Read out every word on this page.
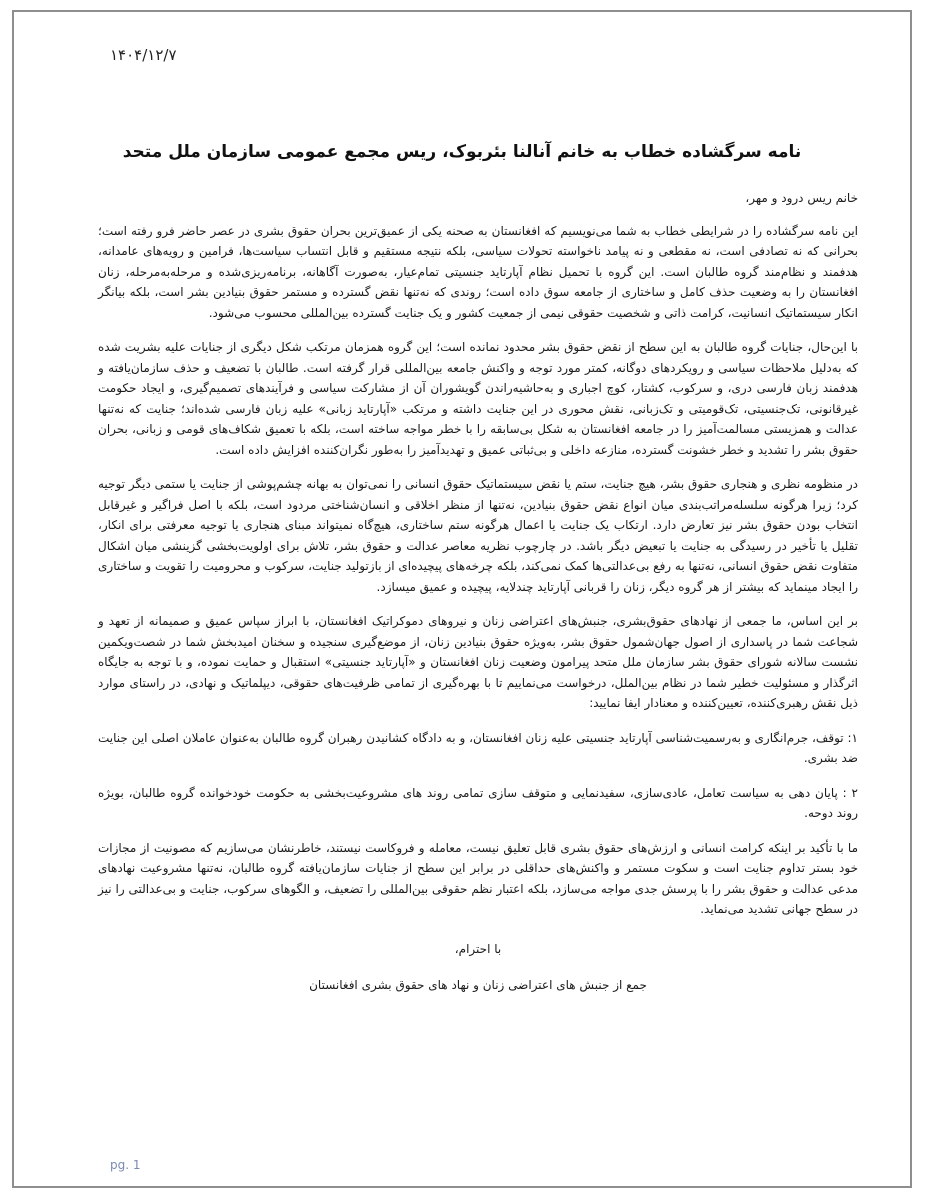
۱۴۰۴/۱۲/۷
نامه سرگشاده خطاب به خانم آنالنا بئربوک، ریس مجمع عمومی سازمان ملل متحد
خانم ریس درود و مهر،

این نامه سرگشاده را در شرایطی خطاب به شما می‌نویسیم که افغانستان به صحنه یکی از عمیق‌ترین بحران حقوق بشری در عصر حاضر فرو رفته است؛ بحرانی که نه تصادفی است، نه مقطعی و نه پیامد ناخواسته تحولات سیاسی، بلکه نتیجه مستقیم و قابل انتساب سیاست‌ها، فرامین و رویه‌های عامدانه، هدفمند و نظام‌مند گروه طالبان است. این گروه با تحمیل نظام آپارتاید جنسیتی تمام‌عیار، به‌صورت آگاهانه، برنامه‌ریزی‌شده و مرحله‌به‌مرحله، زنان افغانستان را به وضعیت حذف کامل و ساختاری از جامعه سوق داده است؛ روندی که نه‌تنها نقض گسترده و مستمر حقوق بنیادین بشر است، بلکه بیانگر انکار سیستماتیک انسانیت، کرامت ذاتی و شخصیت حقوقی نیمی از جمعیت کشور و یک جنایت گسترده بین‌المللی محسوب می‌شود.

با این‌حال، جنایات گروه طالبان به این سطح از نقض حقوق بشر محدود نمانده است؛ این گروه همزمان مرتکب شکل دیگری از جنایات علیه بشریت شده که به‌دلیل ملاحظات سیاسی و رویکردهای دوگانه، کمتر مورد توجه و واکنش جامعه بین‌المللی قرار گرفته است. طالبان با تضعیف و حذف سازمان‌یافته و هدفمند زبان فارسی دری، و سرکوب، کشتار، کوچ اجباری و به‌حاشیه‌راندن گویشوران آن از مشارکت سیاسی و فرآیندهای تصمیم‌گیری، و ایجاد حکومت غیرقانونی، تک‌جنسیتی، تک‌قومیتی و تک‌زبانی، نقش محوری در این جنایت داشته و مرتکب «آپارتاید زبانی» علیه زبان فارسی شده‌اند؛ جنایت که نه‌تنها عدالت و همزیستی مسالمت‌آمیز را در جامعه افغانستان به شکل بی‌سابقه را با خطر مواجه ساخته است، بلکه با تعمیق شکاف‌های قومی و زبانی، بحران حقوق بشر را تشدید و خطر خشونت گسترده، منازعه داخلی و بی‌ثباتی عمیق و تهدیدآمیز را به‌طور نگران‌کننده افزایش داده است.

در منظومه نظری و هنجاری حقوق بشر، هیچ جنایت، ستم یا نقض سیستماتیک حقوق انسانی را نمی‌توان به بهانه چشم‌پوشی از جنایت یا ستمی دیگر توجیه کرد؛ زیرا هرگونه سلسله‌مراتب‌بندی میان انواع نقض حقوق بنیادین، نه‌تنها از منظر اخلاقی و انسان‌شناختی مردود است، بلکه با اصل فراگیر و غیرقابل انتخاب بودن حقوق بشر نیز تعارض دارد. ارتکاب یک جنایت یا اعمال هرگونه ستم ساختاری، هیچ‌گاه نمیتواند مبنای هنجاری یا توجیه معرفتی برای انکار، تقلیل یا تأخیر در رسیدگی به جنایت یا تبعیض دیگر باشد. در چارچوب نظریه معاصر عدالت و حقوق بشر، تلاش برای اولویت‌بخشی گزینشی میان اشکال متفاوت نقض حقوق انسانی، نه‌تنها به رفع بی‌عدالتی‌ها کمک نمی‌کند، بلکه چرخه‌های پیچیده‌ای از بازتولید جنایت، سرکوب و محرومیت را تقویت و ساختاری را ایجاد مینماید که بیشتر از هر گروه دیگر، زنان را قربانی آپارتاید چندلایه، پیچیده و عمیق میسازد.

بر این اساس، ما جمعی از نهادهای حقوق‌بشری، جنبش‌های اعتراضی زنان و نیروهای دموکراتیک افغانستان، با ابراز سپاس عمیق و صمیمانه از تعهد و شجاعت شما در پاسداری از اصول جهان‌شمول حقوق بشر، به‌ویژه حقوق بنیادین زنان، از موضع‌گیری سنجیده و سخنان امیدبخش شما در شصت‌ویکمین نشست سالانه شورای حقوق بشر سازمان ملل متحد پیرامون وضعیت زنان افغانستان و «آپارتاید جنسیتی» استقبال و حمایت نموده، و با توجه به جایگاه اثرگذار و مسئولیت خطیر شما در نظام بین‌الملل، درخواست می‌نماییم تا با بهره‌گیری از تمامی ظرفیت‌های حقوقی، دیپلماتیک و نهادی، در راستای موارد ذیل نقش رهبری‌کننده، تعیین‌کننده و معنادار ایفا نمایید:

۱: توقف، جرم‌انگاری و به‌رسمیت‌شناسی آپارتاید جنسیتی علیه زنان افغانستان، و به دادگاه کشانیدن رهبران گروه طالبان به‌عنوان عاملان اصلی این جنایت ضد بشری.

۲ : پایان دهی به سیاست تعامل، عادی‌سازی، سفیدنمایی و متوقف سازی تمامی روند های مشروعیت‌بخشی به حکومت خودخوانده گروه طالبان، بویژه روند دوحه.

ما با تأکید بر اینکه کرامت انسانی و ارزش‌های حقوق بشری قابل تعلیق نیست، معامله و فروکاست نیستند، خاطرنشان می‌سازیم که مصونیت از مجازات خود بستر تداوم جنایت است و سکوت مستمر و واکنش‌های حداقلی در برابر این سطح از جنایات سازمان‌یافته گروه طالبان، نه‌تنها مشروعیت نهادهای مدعی عدالت و حقوق بشر را با پرسش جدی مواجه می‌سازد، بلکه اعتبار نظم حقوقی بین‌المللی را تضعیف، و الگوهای سرکوب، جنایت و بی‌عدالتی را نیز در سطح جهانی تشدید می‌نماید.

با احترام،
جمع از جنبش های اعتراضی زنان و نهاد های حقوق بشری افغانستان
pg. 1
